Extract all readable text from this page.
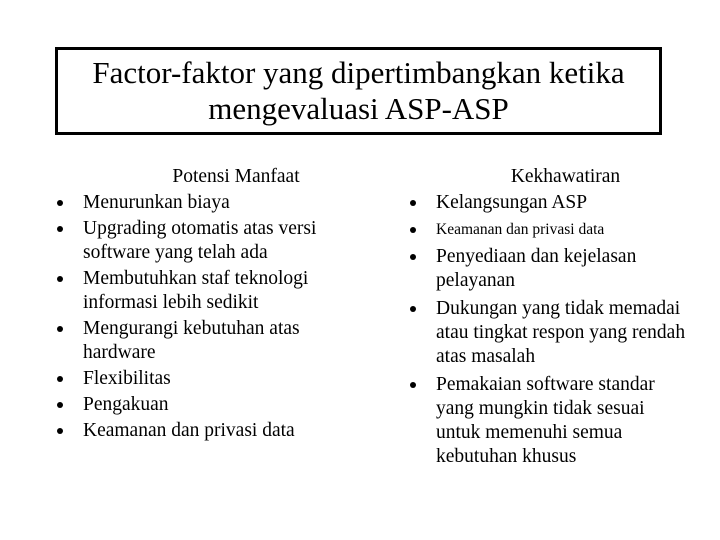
Factor-faktor yang dipertimbangkan ketika
mengevaluasi ASP-ASP
Potensi Manfaat
Menurunkan biaya
Upgrading otomatis atas versi software yang telah ada
Membutuhkan staf teknologi informasi lebih sedikit
Mengurangi kebutuhan atas hardware
Flexibilitas
Pengakuan
Keamanan dan privasi data
Kekhawatiran
Kelangsungan ASP
Keamanan dan privasi data
Penyediaan dan kejelasan pelayanan
Dukungan yang tidak memadai atau tingkat respon yang rendah atas masalah
Pemakaian software standar yang mungkin tidak sesuai untuk memenuhi semua kebutuhan khusus
